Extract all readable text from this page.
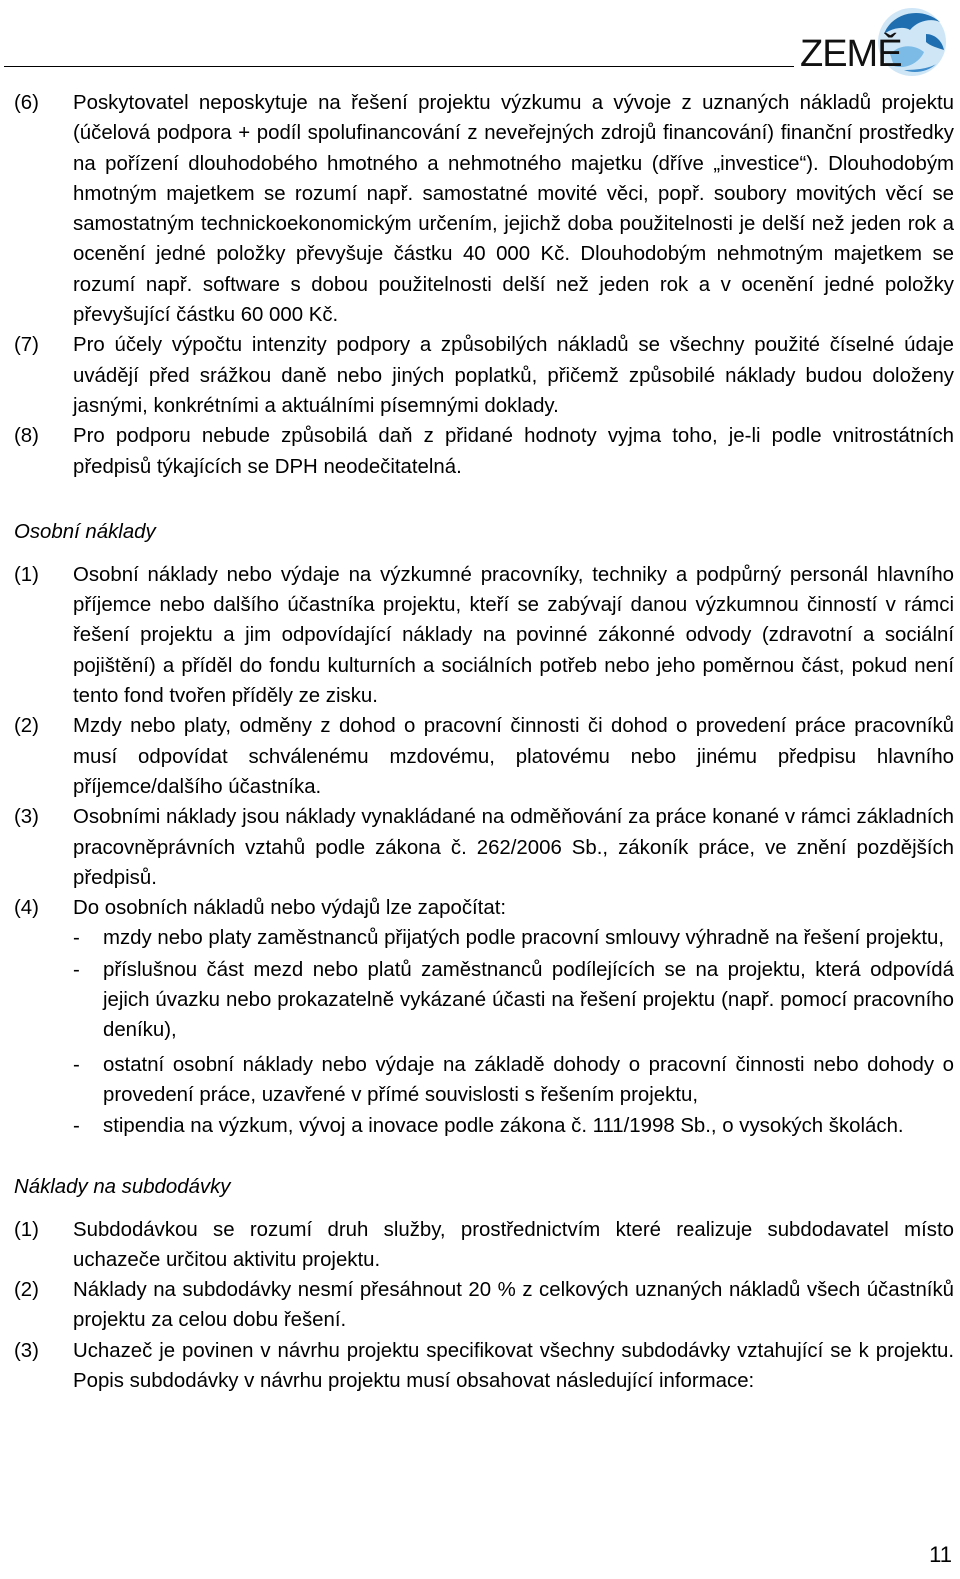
ZEMĚ
(6)	Poskytovatel neposkytuje na řešení projektu výzkumu a vývoje z uznaných nákladů projektu (účelová podpora + podíl spolufinancování z neveřejných zdrojů financování) finanční prostředky na pořízení dlouhodobého hmotného a nehmotného majetku (dříve „investice“). Dlouhodobým hmotným majetkem se rozumí např. samostatné movité věci, popř. soubory movitých věcí se samostatným technickoekonomickým určením, jejichž doba použitelnosti je delší než jeden rok a ocenění jedné položky převyšuje částku 40 000 Kč. Dlouhodobým nehmotným majetkem se rozumí např. software s dobou použitelnosti delší než jeden rok a v ocenění jedné položky převyšující částku 60 000 Kč.
(7)	Pro účely výpočtu intenzity podpory a způsobilých nákladů se všechny použité číselné údaje uvádějí před srážkou daně nebo jiných poplatků, přičemž způsobilé náklady budou doloženy jasnými, konkrétními a aktuálními písemnými doklady.
(8)	Pro podporu nebude způsobilá daň z přidané hodnoty vyjma toho, je-li podle vnitrostátních předpisů týkajících se DPH neodečitatelná.

Osobní náklady

(1)	Osobní náklady nebo výdaje na výzkumné pracovníky, techniky a podpůrný personál hlavního příjemce nebo dalšího účastníka projektu, kteří se zabývají danou výzkumnou činností v rámci řešení projektu a jim odpovídající náklady na povinné zákonné odvody (zdravotní a sociální pojištění) a příděl do fondu kulturních a sociálních potřeb nebo jeho poměrnou část, pokud není tento fond tvořen příděly ze zisku.
(2)	Mzdy nebo platy, odměny z dohod o pracovní činnosti či dohod o provedení práce pracovníků musí odpovídat schválenému mzdovému, platovému nebo jinému předpisu hlavního příjemce/dalšího účastníka.
(3)	Osobními náklady jsou náklady vynakládané na odměňování za práce konané v rámci základních pracovněprávních vztahů podle zákona č. 262/2006 Sb., zákoník práce, ve znění pozdějších předpisů.
(4)	Do osobních nákladů nebo výdajů lze započítat:
-	mzdy nebo platy zaměstnanců přijatých podle pracovní smlouvy výhradně na řešení projektu,
-	příslušnou část mezd nebo platů zaměstnanců podílejících se na projektu, která odpovídá jejich úvazku nebo prokazatelně vykázané účasti na řešení projektu (např. pomocí pracovního deníku),
-	ostatní osobní náklady nebo výdaje na základě dohody o pracovní činnosti nebo dohody o provedení práce, uzavřené v přímé souvislosti s řešením projektu,
-	stipendia na výzkum, vývoj a inovace podle zákona č. 111/1998 Sb., o vysokých školách.

Náklady na subdodávky

(1)	Subdodávkou se rozumí druh služby, prostřednictvím které realizuje subdodavatel místo uchazeče určitou aktivitu projektu.
(2)	Náklady na subdodávky nesmí přesáhnout 20 % z celkových uznaných nákladů všech účastníků projektu za celou dobu řešení.
(3)	Uchazeč je povinen v návrhu projektu specifikovat všechny subdodávky vztahující se k projektu. Popis subdodávky v návrhu projektu musí obsahovat následující informace:
11
